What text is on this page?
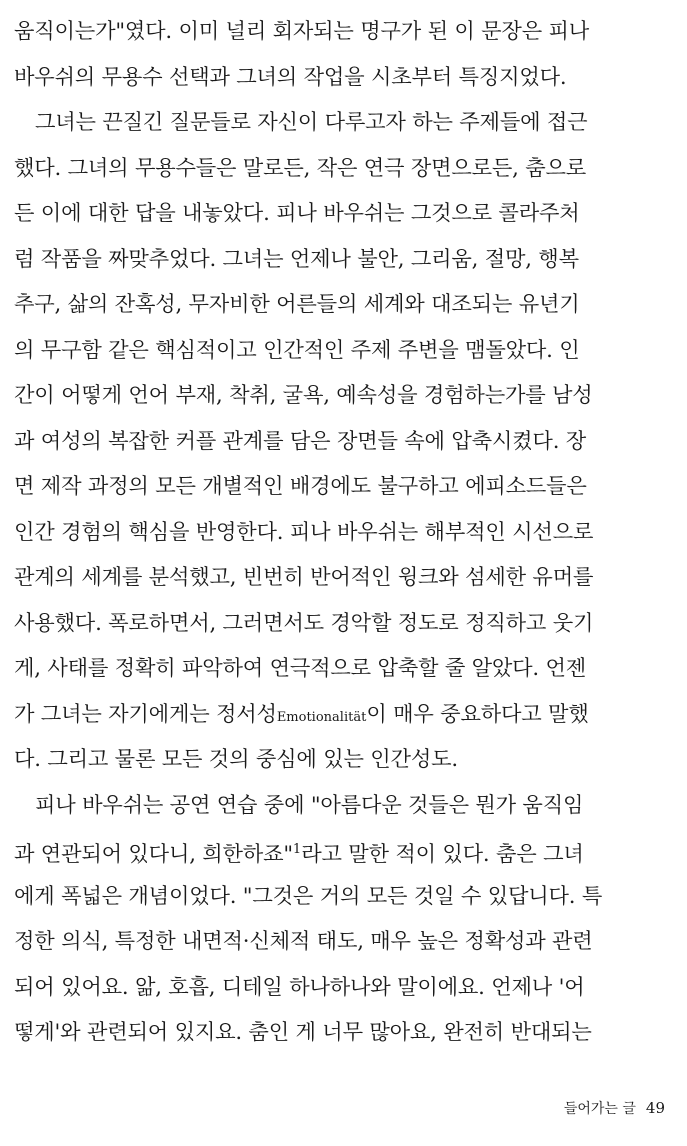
움직이는가"였다. 이미 널리 회자되는 명구가 된 이 문장은 피나
바우쉬의 무용수 선택과 그녀의 작업을 시초부터 특징지었다.
그녀는 끈질긴 질문들로 자신이 다루고자 하는 주제들에 접근
했다. 그녀의 무용수들은 말로든, 작은 연극 장면으로든, 춤으로
든 이에 대한 답을 내놓았다. 피나 바우쉬는 그것으로 콜라주처
럼 작품을 짜맞추었다. 그녀는 언제나 불안, 그리움, 절망, 행복
추구, 삶의 잔혹성, 무자비한 어른들의 세계와 대조되는 유년기
의 무구함 같은 핵심적이고 인간적인 주제 주변을 맴돌았다. 인
간이 어떻게 언어 부재, 착취, 굴욕, 예속성을 경험하는가를 남성
과 여성의 복잡한 커플 관계를 담은 장면들 속에 압축시켰다. 장
면 제작 과정의 모든 개별적인 배경에도 불구하고 에피소드들은
인간 경험의 핵심을 반영한다. 피나 바우쉬는 해부적인 시선으로
관계의 세계를 분석했고, 빈번히 반어적인 윙크와 섬세한 유머를
사용했다. 폭로하면서, 그러면서도 경악할 정도로 정직하고 웃기
게, 사태를 정확히 파악하여 연극적으로 압축할 줄 알았다. 언젠
가 그녀는 자기에게는 정서성Emotionalität이 매우 중요하다고 말했
다. 그리고 물론 모든 것의 중심에 있는 인간성도.
피나 바우쉬는 공연 연습 중에 "아름다운 것들은 뭔가 움직임
과 연관되어 있다니, 희한하죠"$^1$라고 말한 적이 있다. 춤은 그녀
에게 폭넓은 개념이었다. "그것은 거의 모든 것일 수 있답니다. 특
정한 의식, 특정한 내면적·신체적 태도, 매우 높은 정확성과 관련
되어 있어요. 앎, 호흡, 디테일 하나하나와 말이에요. 언제나 '어
떻게'와 관련되어 있지요. 춤인 게 너무 많아요, 완전히 반대되는
들어가는 글 49
